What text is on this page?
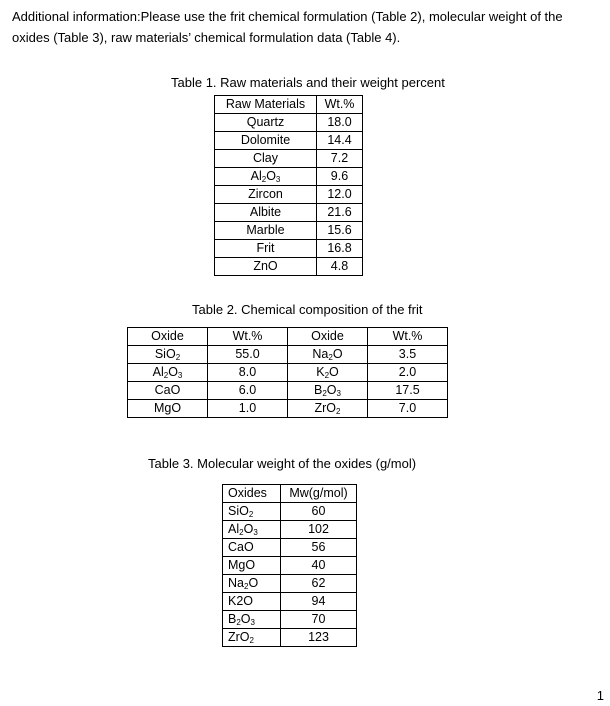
Additional information:Please use the frit chemical formulation (Table 2), molecular weight of the oxides (Table 3), raw materials’ chemical formulation data (Table 4).
Table 1. Raw materials and their weight percent
Raw Materials	Wt.%
Quartz	18.0
Dolomite	14.4
Clay	7.2
$Al_2O_3$	9.6
Zircon	12.0
Albite	21.6
Marble	15.6
Frit	16.8
ZnO	4.8
Table 2. Chemical composition of the frit
Oxide	Wt.%	Oxide	Wt.%
SiO$_2$	55.0	$Na_2O$	3.5
$Al_2O_3$	8.0	$K_2O$	2.0
CaO	6.0	$B_2O_3$	17.5
MgO	1.0	ZrO$_2$	7.0
Table 3. Molecular weight of the oxides (g/mol)
Oxides	Mw(g/mol)
SiO$_2$	60
$Al_2O_3$	102
CaO	56
MgO	40
$Na_2O$	62
K2O	94
$B_2O_3$	70
ZrO$_2$	123
1
